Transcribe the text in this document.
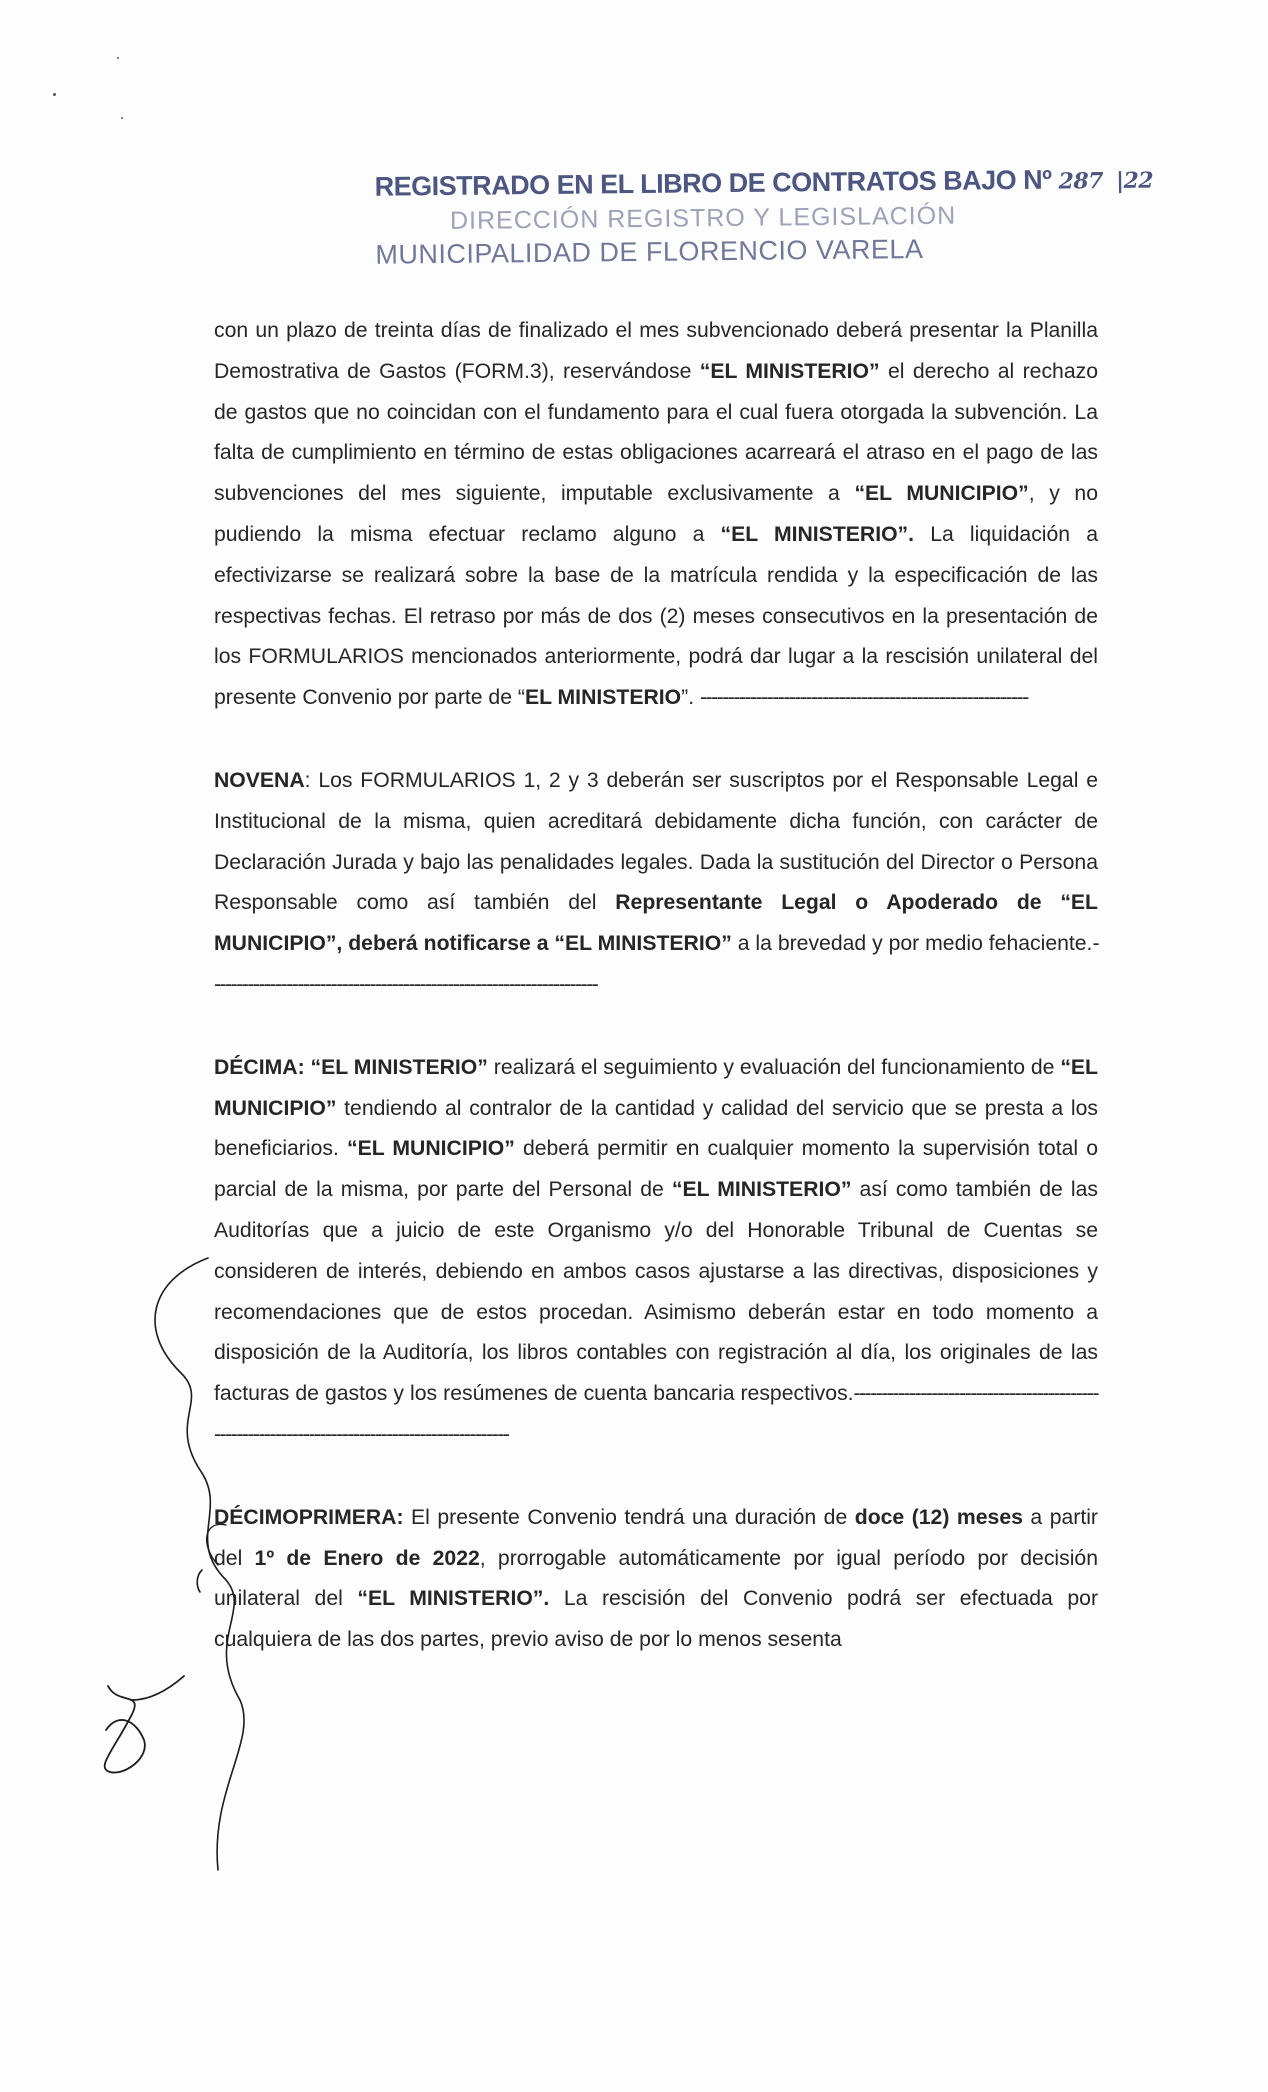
REGISTRADO EN EL LIBRO DE CONTRATOS BAJO Nº 287 |22
DIRECCIÓN REGISTRO Y LEGISLACIÓN
MUNICIPALIDAD DE FLORENCIO VARELA

con un plazo de treinta días de finalizado el mes subvencionado deberá presentar la Planilla Demostrativa de Gastos (FORM.3), reservándose “EL MINISTERIO” el derecho al rechazo de gastos que no coincidan con el fundamento para el cual fuera otorgada la subvención. La falta de cumplimiento en término de estas obligaciones acarreará el atraso en el pago de las subvenciones del mes siguiente, imputable exclusivamente a “EL MUNICIPIO”, y no pudiendo la misma efectuar reclamo alguno a “EL MINISTERIO”. La liquidación a efectivizarse se realizará sobre la base de la matrícula rendida y la especificación de las respectivas fechas. El retraso por más de dos (2) meses consecutivos en la presentación de los FORMULARIOS mencionados anteriormente, podrá dar lugar a la rescisión unilateral del presente Convenio por parte de “EL MINISTERIO”. -----------------------------------------------------------

NOVENA: Los FORMULARIOS 1, 2 y 3 deberán ser suscriptos por el Responsable Legal e Institucional de la misma, quien acreditará debidamente dicha función, con carácter de Declaración Jurada y bajo las penalidades legales. Dada la sustitución del Director o Persona Responsable como así también del Representante Legal o Apoderado de “EL MUNICIPIO”, deberá notificarse a “EL MINISTERIO” a la brevedad y por medio fehaciente.----------------------------------------------------------------------

DÉCIMA: “EL MINISTERIO” realizará el seguimiento y evaluación del funcionamiento de “EL MUNICIPIO” tendiendo al contralor de la cantidad y calidad del servicio que se presta a los beneficiarios. “EL MUNICIPIO” deberá permitir en cualquier momento la supervisión total o parcial de la misma, por parte del Personal de “EL MINISTERIO” así como también de las Auditorías que a juicio de este Organismo y/o del Honorable Tribunal de Cuentas se consideren de interés, debiendo en ambos casos ajustarse a las directivas, disposiciones y recomendaciones que de estos procedan. Asimismo deberán estar en todo momento a disposición de la Auditoría, los libros contables con registración al día, los originales de las facturas de gastos y los resúmenes de cuenta bancaria respectivos.-------------------------------------------------------------------------------------------------

DÉCIMOPRIMERA: El presente Convenio tendrá una duración de doce (12) meses a partir del 1º de Enero de 2022, prorrogable automáticamente por igual período por decisión unilateral del “EL MINISTERIO”. La rescisión del Convenio podrá ser efectuada por cualquiera de las dos partes, previo aviso de por lo menos sesenta
